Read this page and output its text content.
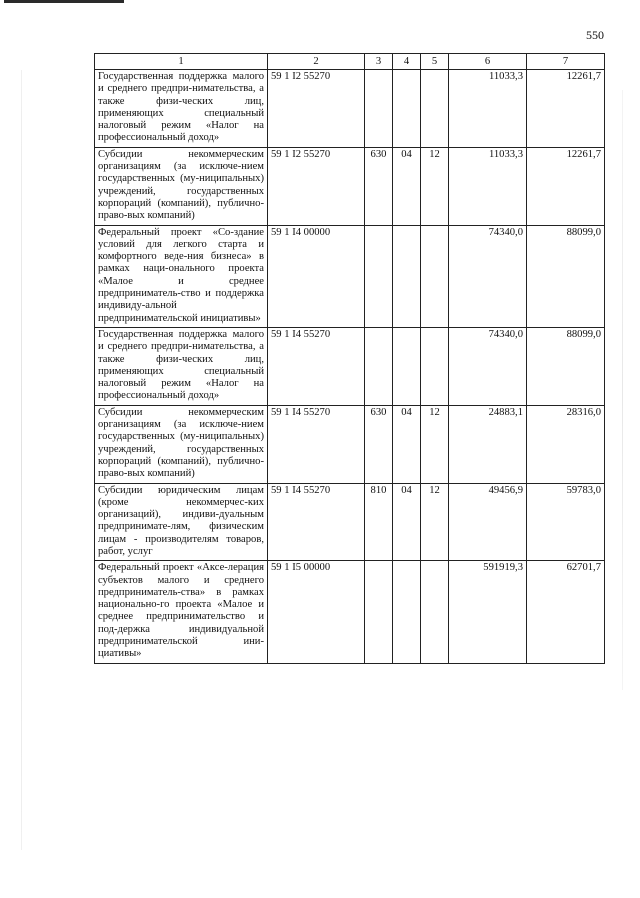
550
1	2	3	4	5	6	7
Государственная поддержка малого и среднего предпри-нимательства, а также физи-ческих лиц, применяющих специальный налоговый режим «Налог на профессиональный доход»	59 1 I2 55270				11033,3	12261,7
Субсидии некоммерческим организациям (за исключе-нием государственных (му-ниципальных) учреждений, государственных корпораций (компаний), публично-право-вых компаний)	59 1 I2 55270	630	04	12	11033,3	12261,7
Федеральный проект «Со-здание условий для легкого старта и комфортного веде-ния бизнеса» в рамках наци-онального проекта «Малое и среднее предприниматель-ство и поддержка индивиду-альной предпринимательской инициативы»	59 1 I4 00000				74340,0	88099,0
Государственная поддержка малого и среднего предпри-нимательства, а также физи-ческих лиц, применяющих специальный налоговый режим «Налог на профессиональный доход»	59 1 I4 55270				74340,0	88099,0
Субсидии некоммерческим организациям (за исключе-нием государственных (му-ниципальных) учреждений, государственных корпораций (компаний), публично-право-вых компаний)	59 1 I4 55270	630	04	12	24883,1	28316,0
Субсидии юридическим лицам (кроме некоммерчес-ких организаций), индиви-дуальным предпринимате-лям, физическим лицам - производителям товаров, работ, услуг	59 1 I4 55270	810	04	12	49456,9	59783,0
Федеральный проект «Аксе-лерация субъектов малого и среднего предприниматель-ства» в рамках национально-го проекта «Малое и среднее предпринимательство и под-держка индивидуальной предпринимательской ини-циативы»	59 1 I5 00000				591919,3	62701,7
